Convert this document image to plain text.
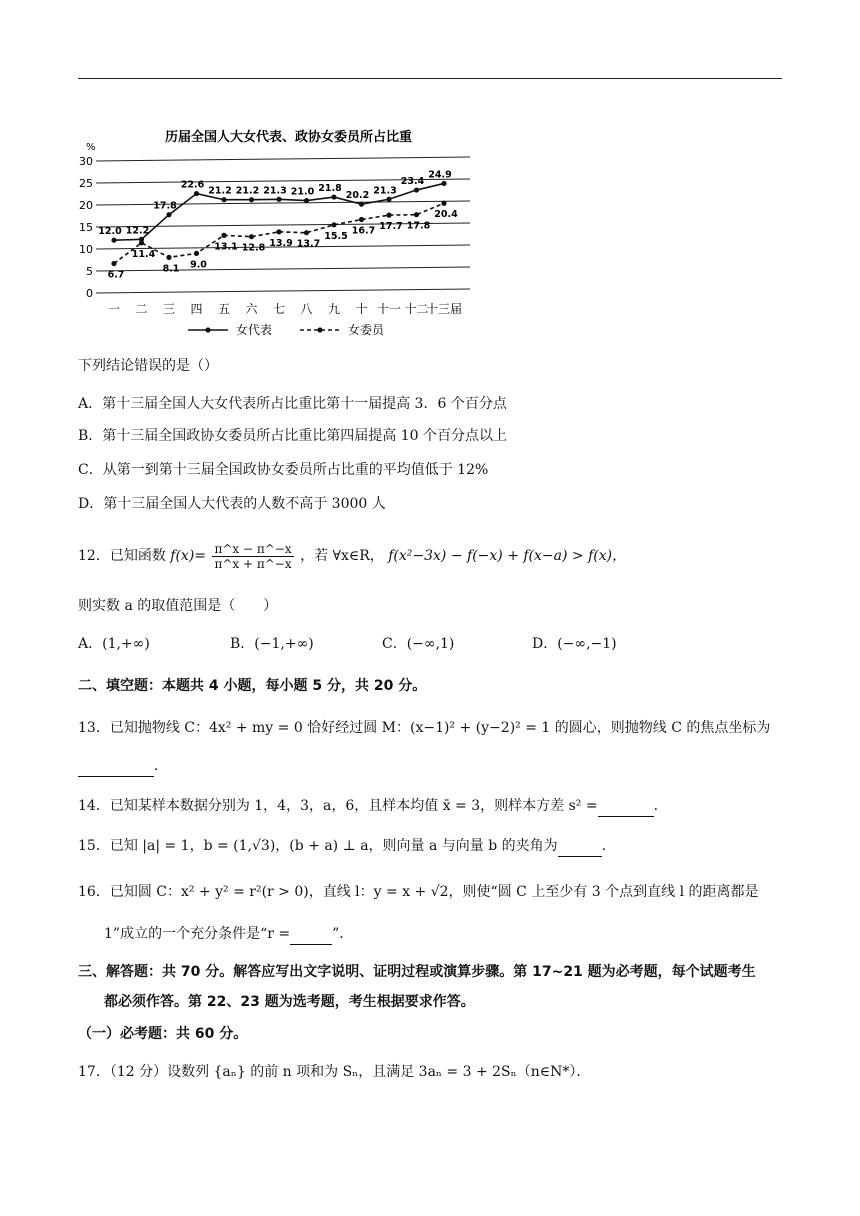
历届全国人大女代表、政协女委员所占比重
%
0
5
10
15
20
25
30
一 二 三 四 五 六 七 八 九 十 十一 十二
十三届
12.0 12.2
17.8
22.6
21.2 21.2 21.3 21.0 21.8
20.2 21.3
23.4
24.9
6.7
11.4
8.1 9.0
13.1 12.8 13.9 13.7
15.5 16.7 17.7 17.8
20.4
女代表	女委员
下列结论错误的是（）
A．第十三届全国人大女代表所占比重比第十一届提高 3．6 个百分点
B．第十三届全国政协女委员所占比重比第四届提高 10 个百分点以上
C．从第一到第十三届全国政协女委员所占比重的平均值低于 12%
D．第十三届全国人大代表的人数不高于 3000 人
12．已知函数 $f(x)= \frac{\pi\^{}x - \pi\^{}-x}{\pi\^{}x + \pi\^{}-x}$ ，若 ∀x∈R， f(x²−3x) − f(−x) + f(x−a) > f(x)，
则实数 a 的取值范围是（　　）
A．(1,+∞)	B．(−1,+∞)	C．(−∞,1)	D．(−∞,−1)
二、填空题：本题共 4 小题，每小题 5 分，共 20 分。
13．已知抛物线 C：4x² + my = 0 恰好经过圆 M：(x−1)² + (y−2)² = 1 的圆心，则抛物线 C 的焦点坐标为
．
14．已知某样本数据分别为 1，4，3，a，6，且样本均值 x̄ = 3，则样本方差 s² =	．
15．已知 |a| = 1，b = (1,√3)，(b + a) ⊥ a，则向量 a 与向量 b 的夹角为	．
16．已知圆 C：x² + y² = r²(r > 0)，直线 l：y = x + √2，则使“圆 C 上至少有 3 个点到直线 l 的距离都是
1”成立的一个充分条件是“r =	”．
三、解答题：共 70 分。解答应写出文字说明、证明过程或演算步骤。第 17~21 题为必考题，每个试题考生
都必须作答。第 22、23 题为选考题，考生根据要求作答。
（一）必考题：共 60 分。
17．（12 分）设数列 {aₙ} 的前 n 项和为 Sₙ，且满足 3aₙ = 3 + 2Sₙ（n∈N*）．
